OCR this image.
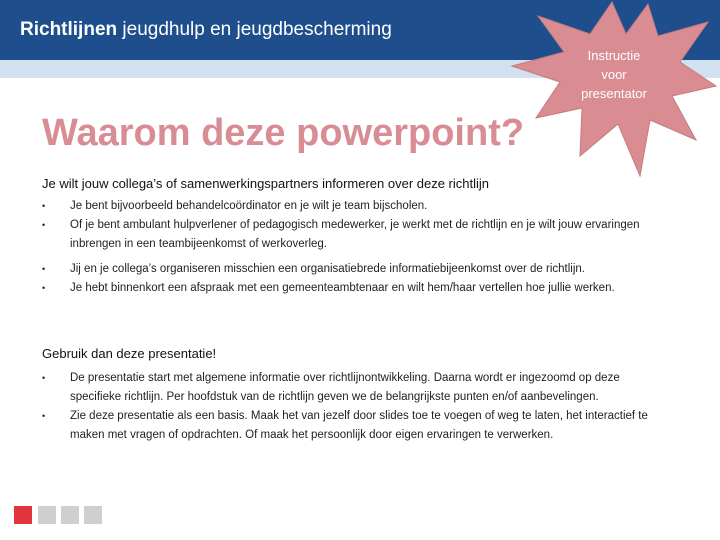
Richtlijnen jeugdhulp en jeugdbescherming
Instructie
voor
presentator
Waarom deze powerpoint?

Je wilt jouw collega’s of samenwerkingspartners informeren over deze richtlijn

• Je bent bijvoorbeeld behandelcoördinator en je wilt je team bijscholen.
• Of je bent ambulant hulpverlener of pedagogisch medewerker, je werkt met de richtlijn en je wilt jouw ervaringen inbrengen in een teambijeenkomst of werkoverleg.
• Jij en je collega’s organiseren misschien een organisatiebrede informatiebijeenkomst over de richtlijn.
• Je hebt binnenkort een afspraak met een gemeenteambtenaar en wilt hem/haar vertellen hoe jullie werken.

Gebruik dan deze presentatie!

• De presentatie start met algemene informatie over richtlijnontwikkeling. Daarna wordt er ingezoomd op deze specifieke richtlijn. Per hoofdstuk van de richtlijn geven we de belangrijkste punten en/of aanbevelingen.
• Zie deze presentatie als een basis. Maak het van jezelf door slides toe te voegen of weg te laten, het interactief te maken met vragen of opdrachten. Of maak het persoonlijk door eigen ervaringen te verwerken.
